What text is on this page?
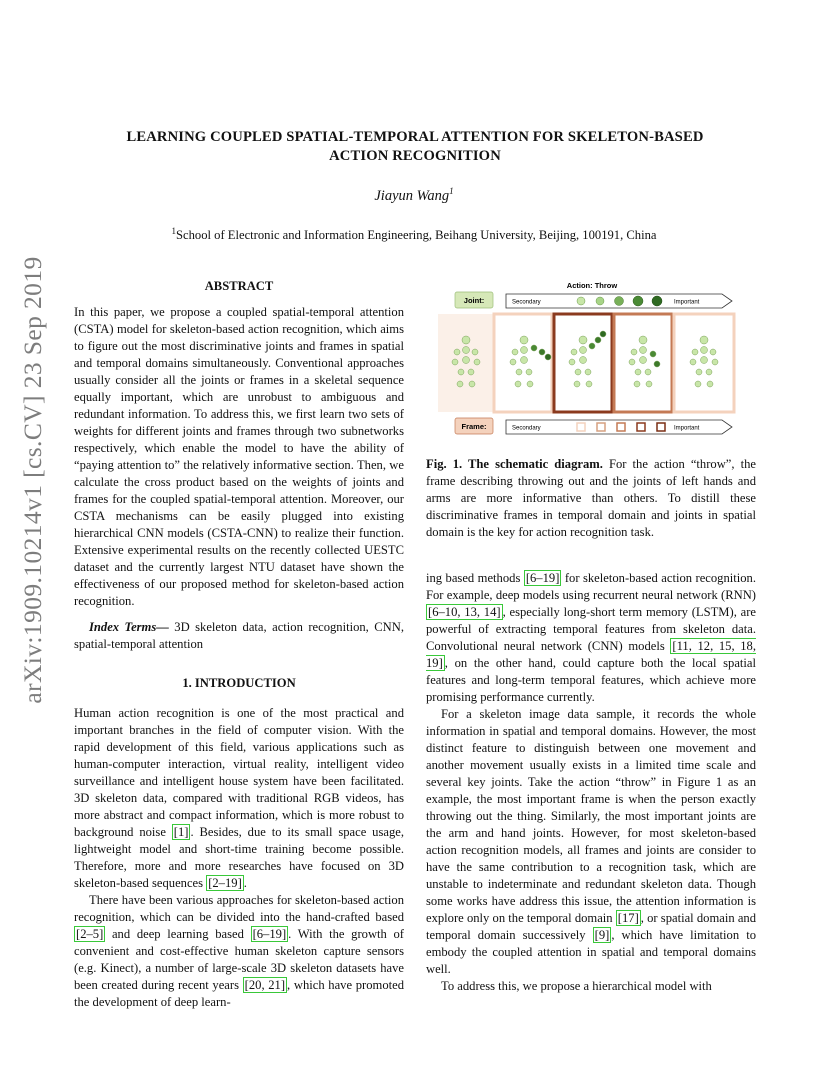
arXiv:1909.10214v1 [cs.CV] 23 Sep 2019
LEARNING COUPLED SPATIAL-TEMPORAL ATTENTION FOR SKELETON-BASED
ACTION RECOGNITION
Jiayun Wang$^1$
$^1$School of Electronic and Information Engineering, Beihang University, Beijing, 100191, China

ABSTRACT

In this paper, we propose a coupled spatial-temporal attention (CSTA) model for skeleton-based action recognition, which aims to figure out the most discriminative joints and frames in spatial and temporal domains simultaneously. Conventional approaches usually consider all the joints or frames in a skeletal sequence equally important, which are unrobust to ambiguous and redundant information. To address this, we first learn two sets of weights for different joints and frames through two subnetworks respectively, which enable the model to have the ability of “paying attention to” the relatively informative section. Then, we calculate the cross product based on the weights of joints and frames for the coupled spatial-temporal attention. Moreover, our CSTA mechanisms can be easily plugged into existing hierarchical CNN models (CSTA-CNN) to realize their function. Extensive experimental results on the recently collected UESTC dataset and the currently largest NTU dataset have shown the effectiveness of our proposed method for skeleton-based action recognition.

Index Terms— 3D skeleton data, action recognition, CNN, spatial-temporal attention

1. INTRODUCTION

Human action recognition is one of the most practical and important branches in the field of computer vision. With the rapid development of this field, various applications such as human-computer interaction, virtual reality, intelligent video surveillance and intelligent house system have been facilitated. 3D skeleton data, compared with traditional RGB videos, has more abstract and compact information, which is more robust to background noise [1] . Besides, due to its small space usage, lightweight model and short-time training become possible. Therefore, more and more researches have focused on 3D skeleton-based sequences [2–19] .

There have been various approaches for skeleton-based action recognition, which can be divided into the hand-crafted based [2–5] and deep learning based [6–19] . With the growth of convenient and cost-effective human skeleton capture sensors (e.g. Kinect), a number of large-scale 3D skeleton datasets have been created during recent years [20, 21] , which have promoted the development of deep learn-

Action: Throw
Joint:	Secondary	Important
Frame:	Secondary	Important
Fig. 1. The schematic diagram. For the action “throw”, the frame describing throwing out and the joints of left hands and arms are more informative than others. To distill these discriminative frames in temporal domain and joints in spatial domain is the key for action recognition task.

ing based methods [6–19] for skeleton-based action recognition. For example, deep models using recurrent neural network (RNN) [6–10, 13, 14] , especially long-short term memory (LSTM), are powerful of extracting temporal features from skeleton data. Convolutional neural network (CNN) models [11, 12, 15, 18, 19] , on the other hand, could capture both the local spatial features and long-term temporal features, which achieve more promising performance currently.

For a skeleton image data sample, it records the whole information in spatial and temporal domains. However, the most distinct feature to distinguish between one movement and another movement usually exists in a limited time scale and several key joints. Take the action “throw” in Figure 1 as an example, the most important frame is when the person exactly throwing out the thing. Similarly, the most important joints are the arm and hand joints. However, for most skeleton-based action recognition models, all frames and joints are consider to have the same contribution to a recognition task, which are unstable to indeterminate and redundant skeleton data. Though some works have address this issue, the attention information is explore only on the temporal domain [17] , or spatial domain and temporal domain successively [9] , which have limitation to embody the coupled attention in spatial and temporal domains well.

To address this, we propose a hierarchical model with
